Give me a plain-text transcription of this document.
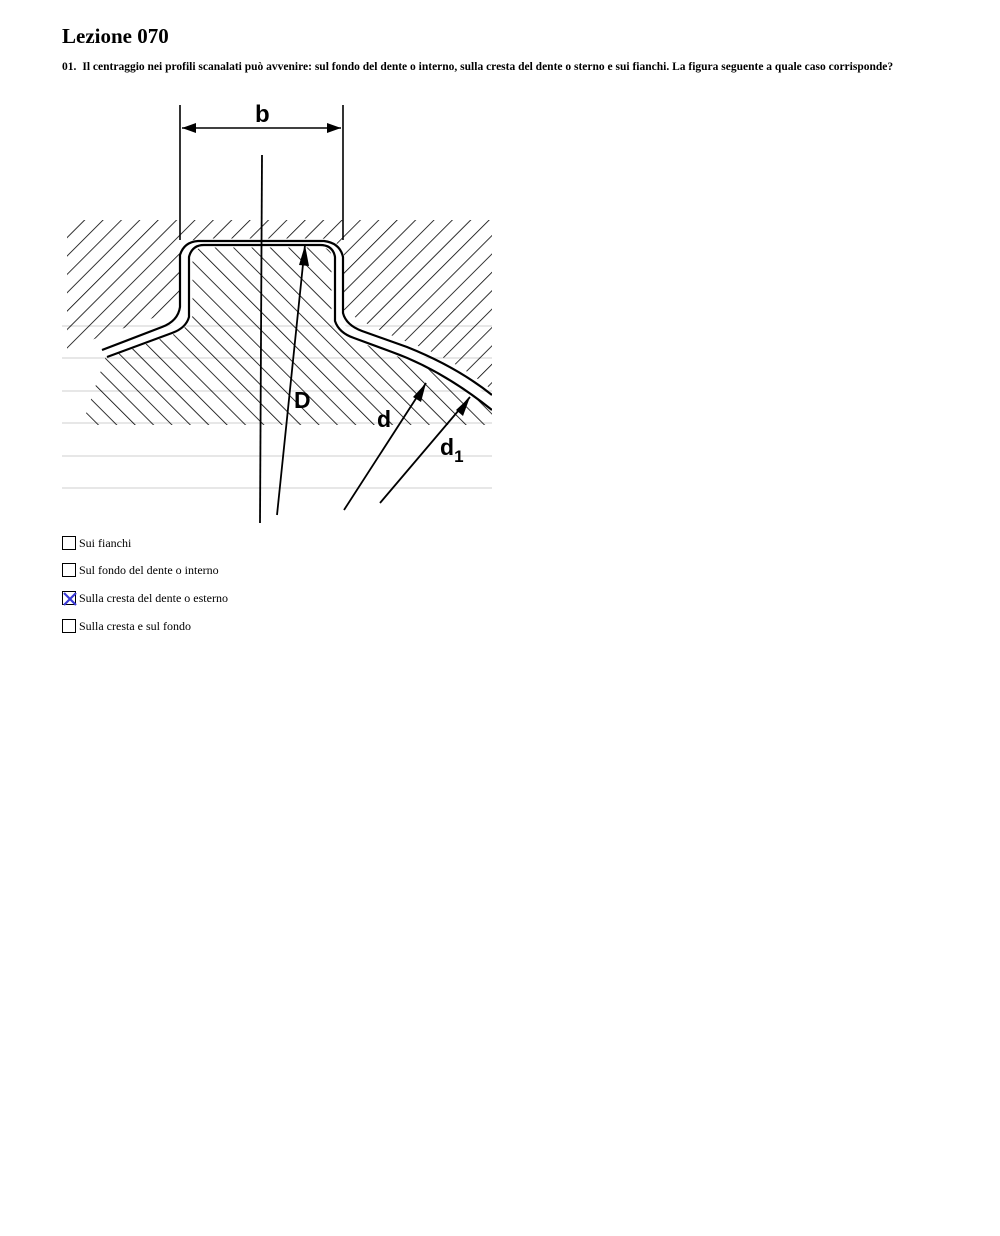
Lezione 070

01. Il centraggio nei profili scanalati può avvenire: sul fondo del dente o interno, sulla cresta del dente o sterno e sui fianchi. La figura seguente a quale caso corrisponde?

b
D
d
$d_1$
Sui fianchi
Sul fondo del dente o interno
Sulla cresta del dente o esterno
Sulla cresta e sul fondo
